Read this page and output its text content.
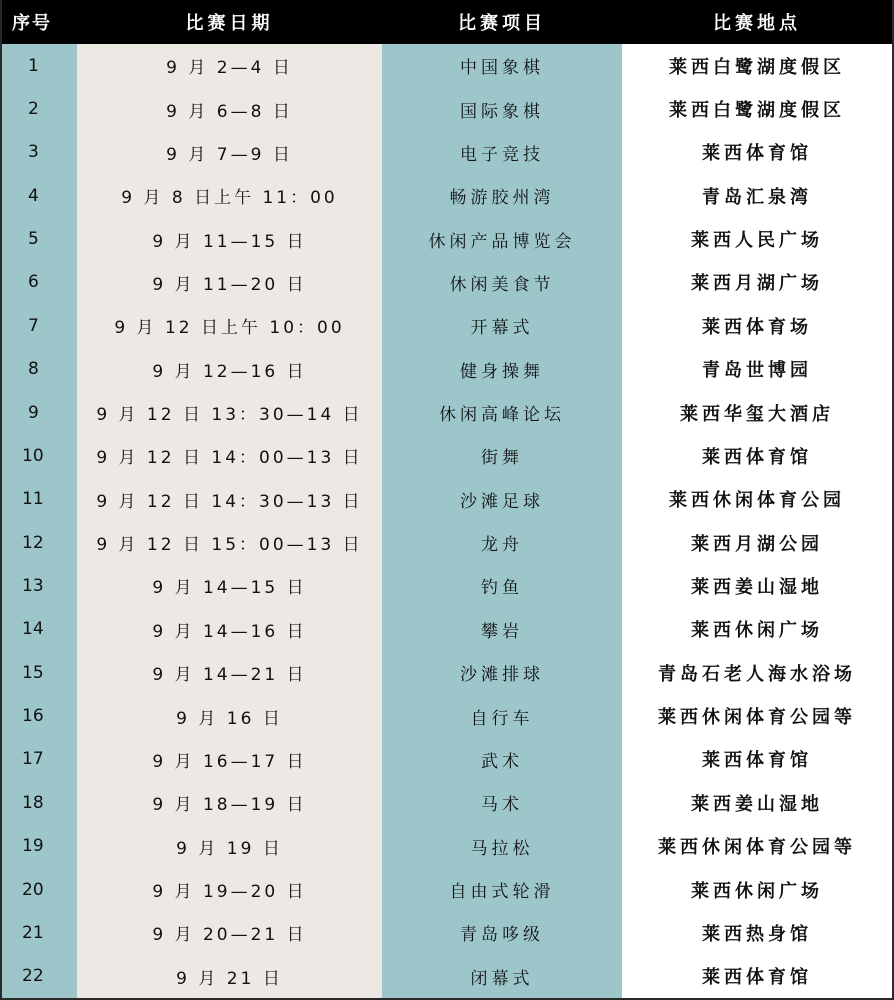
序号	比赛日期	比赛项目	比赛地点
1	9 月 2—4 日	中国象棋	莱西白鹭湖度假区
2	9 月 6—8 日	国际象棋	莱西白鹭湖度假区
3	9 月 7—9 日	电子竞技	莱西体育馆
4	9 月 8 日上午 11：00	畅游胶州湾	青岛汇泉湾
5	9 月 11—15 日	休闲产品博览会	莱西人民广场
6	9 月 11—20 日	休闲美食节	莱西月湖广场
7	9 月 12 日上午 10：00	开幕式	莱西体育场
8	9 月 12—16 日	健身操舞	青岛世博园
9	9 月 12 日 13：30—14 日	休闲高峰论坛	莱西华玺大酒店
10	9 月 12 日 14：00—13 日	街舞	莱西体育馆
11	9 月 12 日 14：30—13 日	沙滩足球	莱西休闲体育公园
12	9 月 12 日 15：00—13 日	龙舟	莱西月湖公园
13	9 月 14—15 日	钓鱼	莱西姜山湿地
14	9 月 14—16 日	攀岩	莱西休闲广场
15	9 月 14—21 日	沙滩排球	青岛石老人海水浴场
16	9 月 16 日	自行车	莱西休闲体育公园等
17	9 月 16—17 日	武术	莱西体育馆
18	9 月 18—19 日	马术	莱西姜山湿地
19	9 月 19 日	马拉松	莱西休闲体育公园等
20	9 月 19—20 日	自由式轮滑	莱西休闲广场
21	9 月 20—21 日	青岛哆级	莱西热身馆
22	9 月 21 日	闭幕式	莱西体育馆
